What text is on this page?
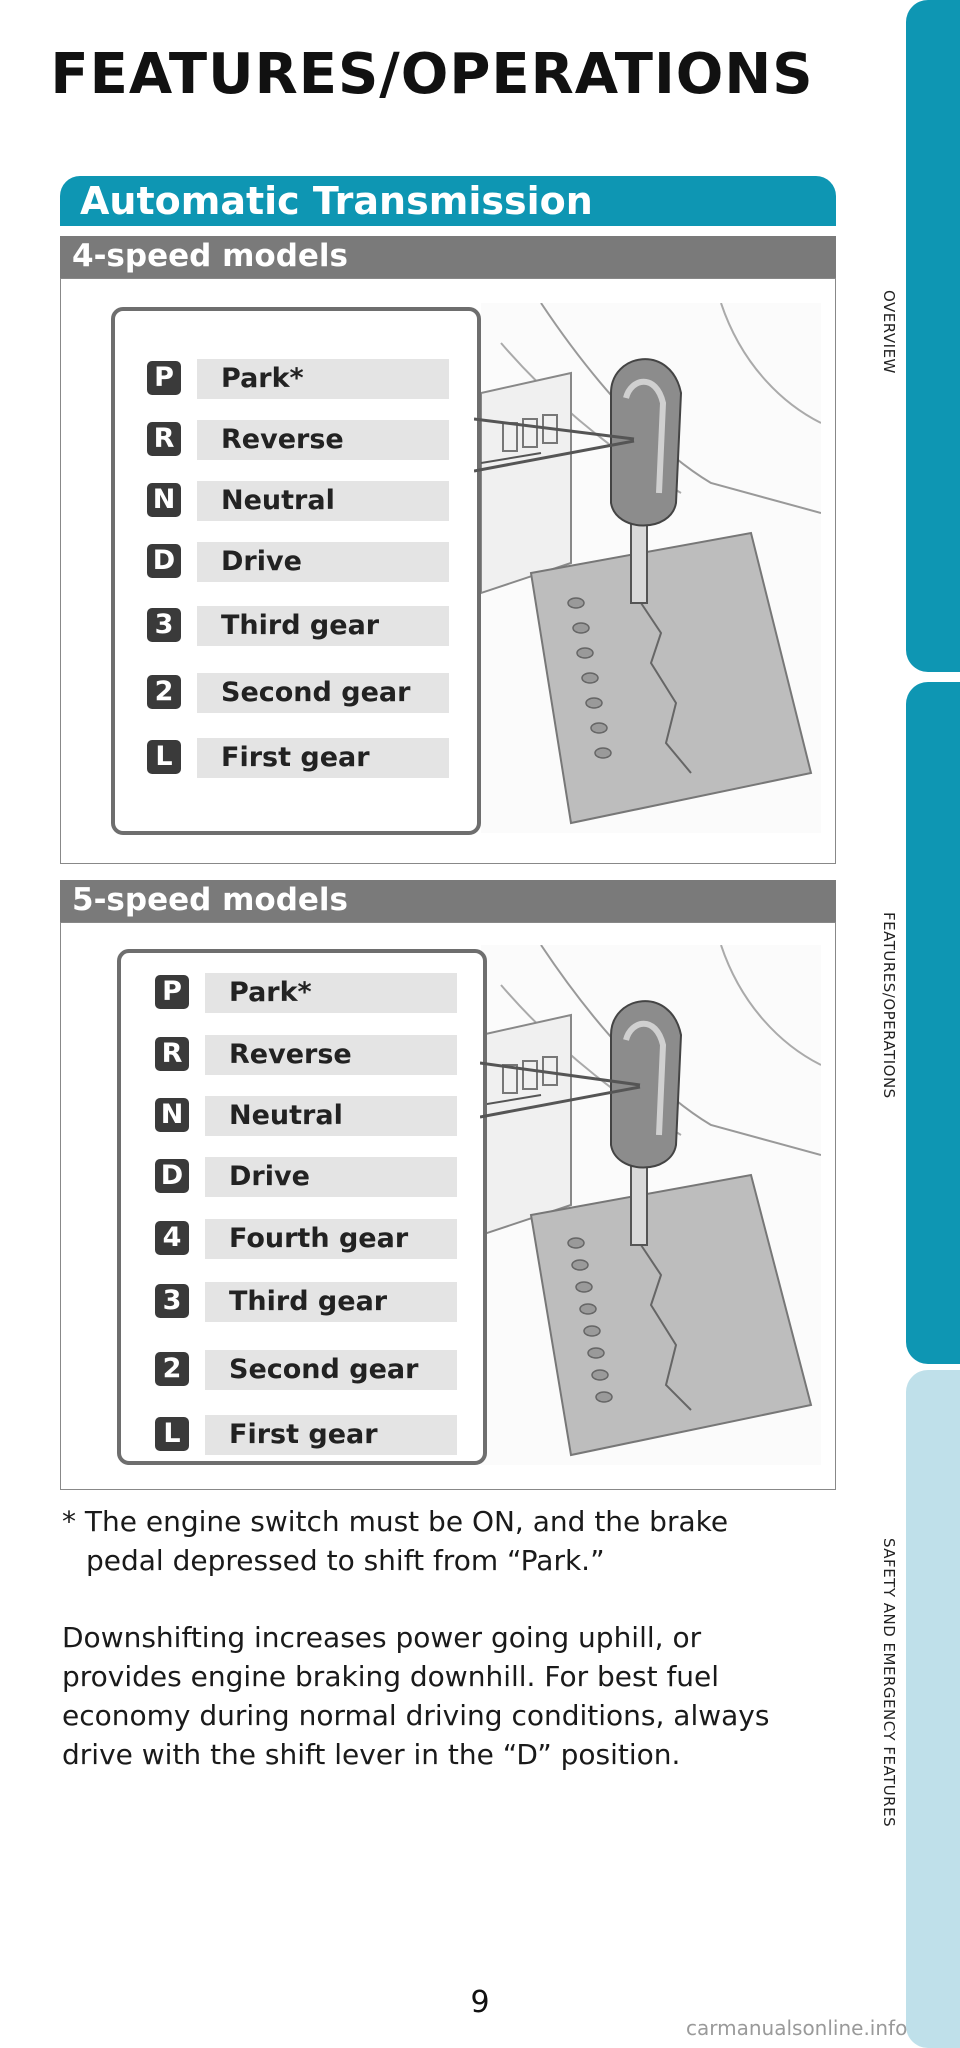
FEATURES/OPERATIONS
Automatic Transmission
4-speed models
P	Park*
R	Reverse
N	Neutral
D	Drive
3	Third gear
2	Second gear
L	First gear
5-speed models
P	Park*
R	Reverse
N	Neutral
D	Drive
4	Fourth gear
3	Third gear
2	Second gear
L	First gear
* The engine switch must be ON, and the brake
pedal depressed to shift from “Park.”
Downshifting increases power going uphill, or
provides engine braking downhill. For best fuel
economy during normal driving conditions, always
drive with the shift lever in the “D” position.
OVERVIEW
FEATURES/OPERATIONS
SAFETY AND EMERGENCY FEATURES
9
carmanualsonline.info
